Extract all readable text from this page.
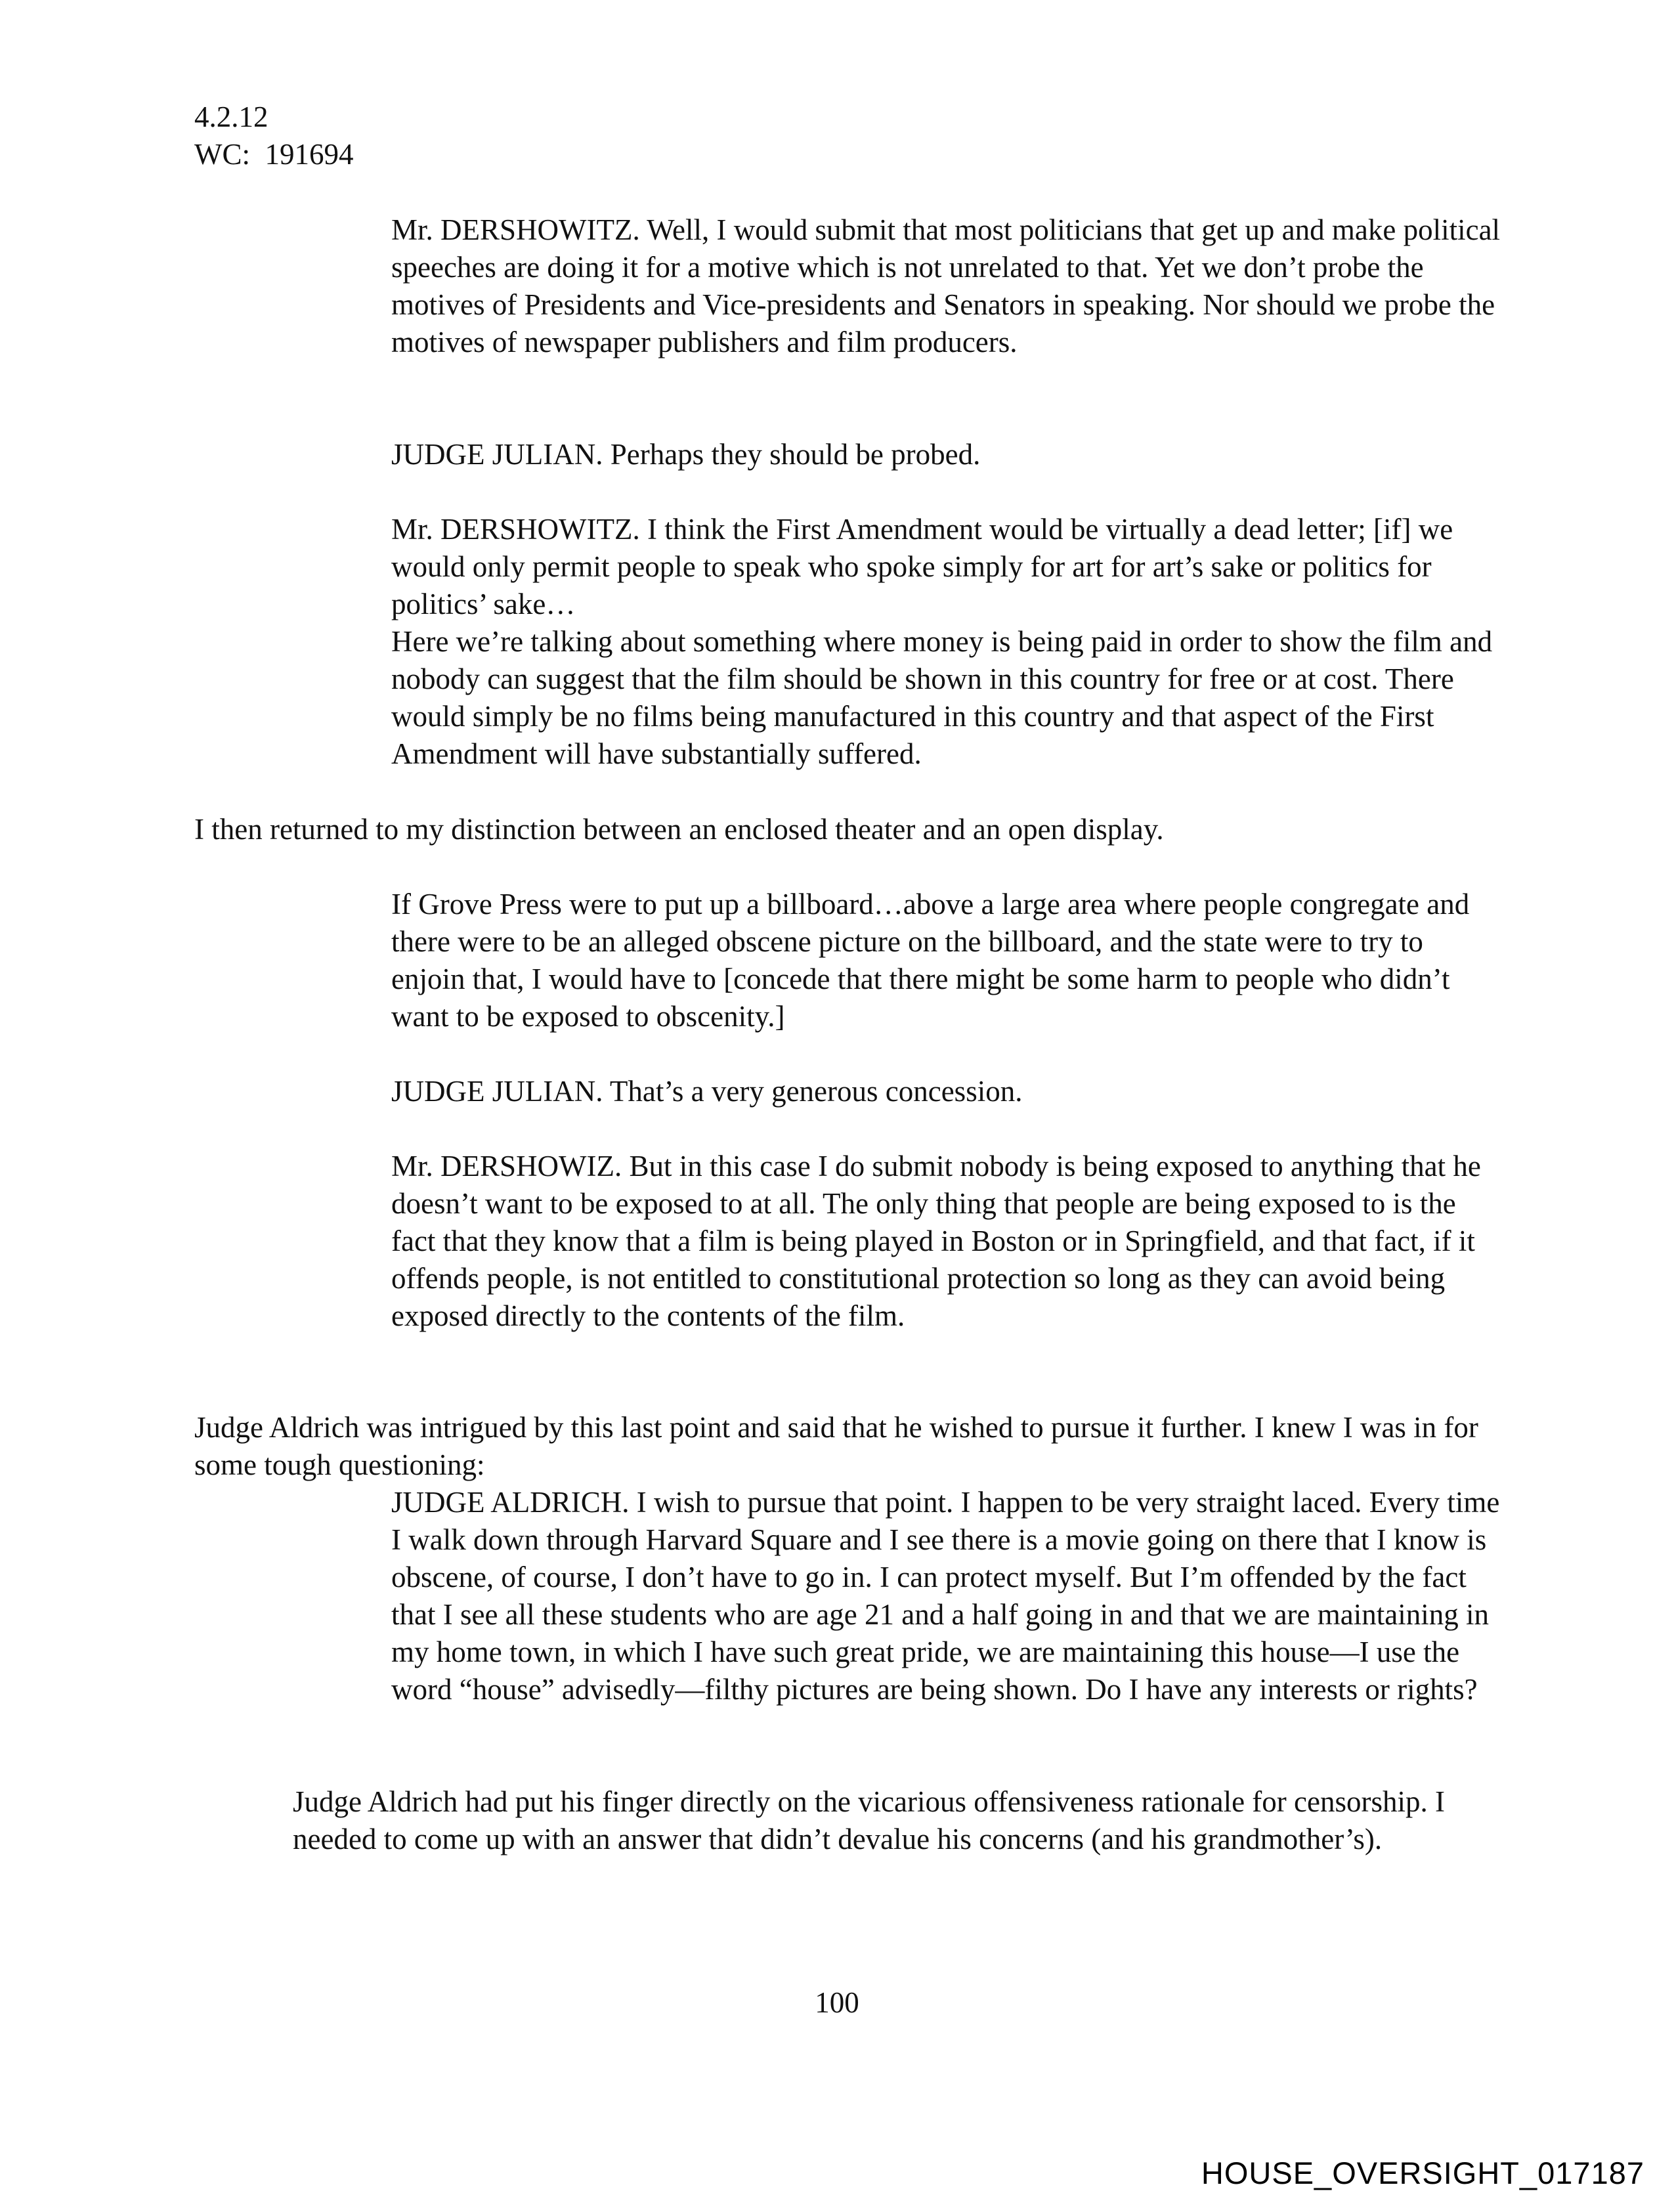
4.2.12
WC:  191694

Mr. DERSHOWITZ. Well, I would submit that most politicians that get up and make political speeches are doing it for a motive which is not unrelated to that. Yet we don’t probe the motives of Presidents and Vice-presidents and Senators in speaking. Nor should we probe the motives of newspaper publishers and film producers.

JUDGE JULIAN. Perhaps they should be probed.

Mr. DERSHOWITZ. I think the First Amendment would be virtually a dead letter; [if] we would only permit people to speak who spoke simply for art for art’s sake or politics for politics’ sake…

Here we’re talking about something where money is being paid in order to show the film and nobody can suggest that the film should be shown in this country for free or at cost. There would simply be no films being manufactured in this country and that aspect of the First Amendment will have substantially suffered.

I then returned to my distinction between an enclosed theater and an open display.

If Grove Press were to put up a billboard…above a large area where people congregate and there were to be an alleged obscene picture on the billboard, and the state were to try to enjoin that, I would have to [concede that there might be some harm to people who didn’t want to be exposed to obscenity.]

JUDGE JULIAN. That’s a very generous concession.

Mr. DERSHOWIZ. But in this case I do submit nobody is being exposed to anything that he doesn’t want to be exposed to at all. The only thing that people are being exposed to is the fact that they know that a film is being played in Boston or in Springfield, and that fact, if it offends people, is not entitled to constitutional protection so long as they can avoid being exposed directly to the contents of the film.

Judge Aldrich was intrigued by this last point and said that he wished to pursue it further. I knew I was in for some tough questioning:

JUDGE ALDRICH. I wish to pursue that point. I happen to be very straight laced. Every time I walk down through Harvard Square and I see there is a movie going on there that I know is obscene, of course, I don’t have to go in. I can protect myself. But I’m offended by the fact that I see all these students who are age 21 and a half going in and that we are maintaining in my home town, in which I have such great pride, we are maintaining this house—I use the word “house” advisedly—filthy pictures are being shown. Do I have any interests or rights?

Judge Aldrich had put his finger directly on the vicarious offensiveness rationale for censorship. I needed to come up with an answer that didn’t devalue his concerns (and his grandmother’s).

100
HOUSE_OVERSIGHT_017187
